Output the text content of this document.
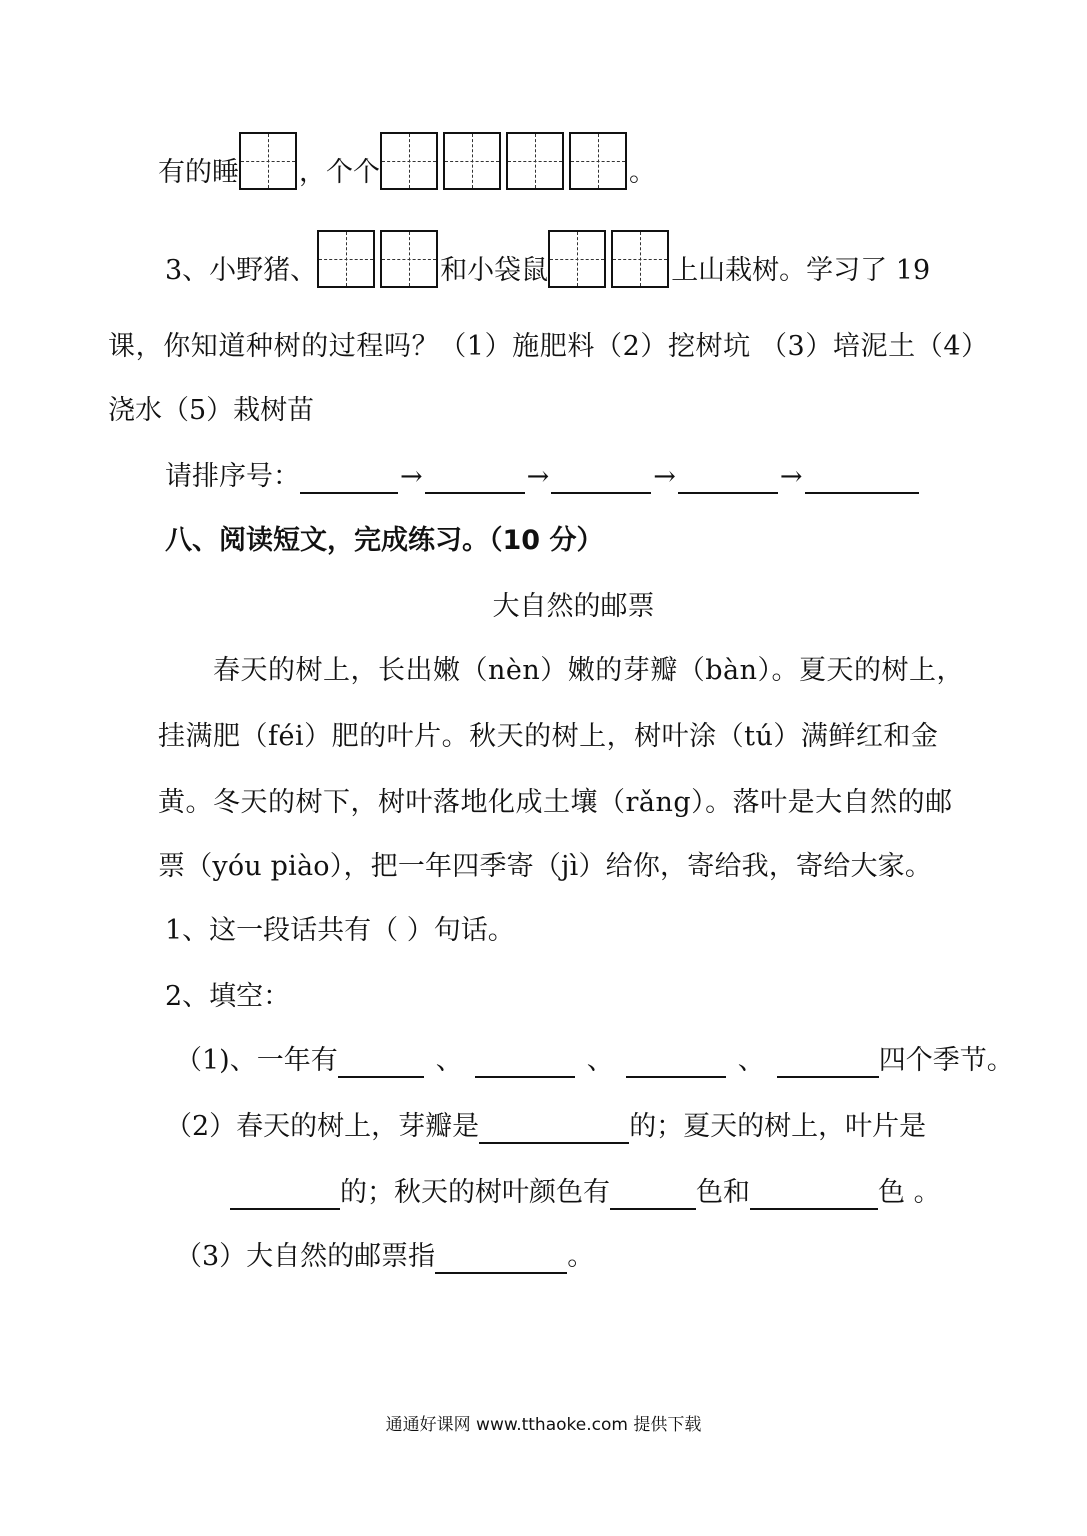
有的睡 ，个个	。
3、小野猪、	和小袋鼠	上山栽树。学习了 19
课，你知道种树的过程吗？（1）施肥料（2）挖树坑 （3）培泥土（4）
浇水（5）栽树苗
请排序号：	→	→	→	→
八、阅读短文，完成练习。（10 分）
大自然的邮票
春天的树上，长出嫩（nèn）嫩的芽瓣（bàn）。夏天的树上，
挂满肥（féi）肥的叶片。秋天的树上，树叶涂（tú）满鲜红和金
黄。冬天的树下，树叶落地化成土壤（rǎng）。落叶是大自然的邮
票（yóu piào），把一年四季寄（jì）给你，寄给我，寄给大家。
1、这一段话共有（ ）句话。
2、填空：
（1)、一年有	、	、	、	四个季节。
（2）春天的树上，芽瓣是	的；夏天的树上，叶片是
的；秋天的树叶颜色有	色和	色 。
（3）大自然的邮票指	。
通通好课网 www.tthaoke.com 提供下载
